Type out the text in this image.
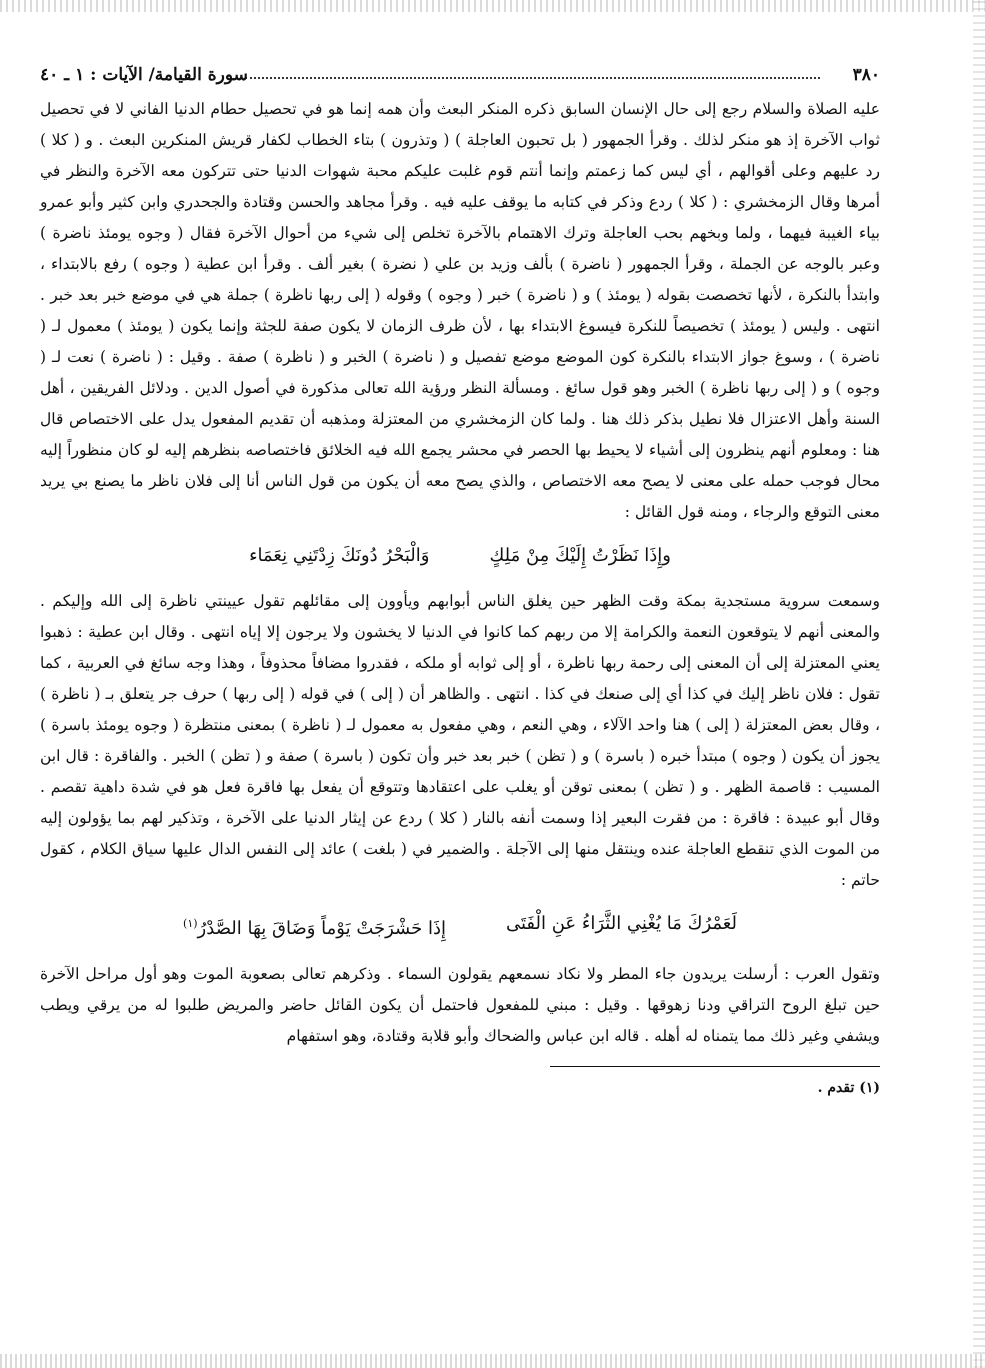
٣٨٠
سورة القيامة/ الآيات : ١ ـ ٤٠

عليه الصلاة والسلام رجع إلى حال الإنسان السابق ذكره المنكر البعث وأن همه إنما هو في تحصيل حطام الدنيا الفاني لا في تحصيل ثواب الآخرة إذ هو منكر لذلك . وقرأ الجمهور ( بل تحبون العاجلة ) ( وتذرون ) بتاء الخطاب لكفار قريش المنكرين البعث . و ( كلا ) رد عليهم وعلى أقوالهم ، أي ليس كما زعمتم وإنما أنتم قوم غلبت عليكم محبة شهوات الدنيا حتى تتركون معه الآخرة والنظر في أمرها وقال الزمخشري : ( كلا ) ردع وذكر في كتابه ما يوقف عليه فيه . وقرأ مجاهد والحسن وقتادة والجحدري وابن كثير وأبو عمرو بياء الغيبة فيهما ، ولما وبخهم بحب العاجلة وترك الاهتمام بالآخرة تخلص إلى شيء من أحوال الآخرة فقال ( وجوه يومئذ ناضرة ) وعبر بالوجه عن الجملة ، وقرأ الجمهور ( ناضرة ) بألف وزيد بن علي ( نضرة ) بغير ألف . وقرأ ابن عطية ( وجوه ) رفع بالابتداء ، وابتدأ بالنكرة ، لأنها تخصصت بقوله ( يومئذ ) و ( ناضرة ) خبر ( وجوه ) وقوله ( إلى ربها ناظرة ) جملة هي في موضع خبر بعد خبر . انتهى . وليس ( يومئذ ) تخصيصاً للنكرة فيسوغ الابتداء بها ، لأن ظرف الزمان لا يكون صفة للجثة وإنما يكون ( يومئذ ) معمول لـ ( ناضرة ) ، وسوغ جواز الابتداء بالنكرة كون الموضع موضع تفصيل و ( ناضرة ) الخبر و ( ناظرة ) صفة . وقيل : ( ناضرة ) نعت لـ ( وجوه ) و ( إلى ربها ناظرة ) الخبر وهو قول سائغ . ومسألة النظر ورؤية الله تعالى مذكورة في أصول الدين . ودلائل الفريقين ، أهل السنة وأهل الاعتزال فلا نطيل بذكر ذلك هنا . ولما كان الزمخشري من المعتزلة ومذهبه أن تقديم المفعول يدل على الاختصاص قال هنا : ومعلوم أنهم ينظرون إلى أشياء لا يحيط بها الحصر في محشر يجمع الله فيه الخلائق فاختصاصه بنظرهم إليه لو كان منظوراً إليه محال فوجب حمله على معنى لا يصح معه الاختصاص ، والذي يصح معه أن يكون من قول الناس أنا إلى فلان ناظر ما يصنع بي يريد معنى التوقع والرجاء ، ومنه قول القائل :

وإِذَا نَظَرْتُ إِلَيْكَ مِنْ مَلِكٍ
وَالْبَحْرُ دُونَكَ زِدْتَنِي نِعَمَاء

وسمعت سروية مستجدية بمكة وقت الظهر حين يغلق الناس أبوابهم ويأوون إلى مقائلهم تقول عيينتي ناظرة إلى الله وإليكم . والمعنى أنهم لا يتوقعون النعمة والكرامة إلا من ربهم كما كانوا في الدنيا لا يخشون ولا يرجون إلا إياه انتهى . وقال ابن عطية : ذهبوا يعني المعتزلة إلى أن المعنى إلى رحمة ربها ناظرة ، أو إلى ثوابه أو ملكه ، فقدروا مضافاً محذوفاً ، وهذا وجه سائغ في العربية ، كما تقول : فلان ناظر إليك في كذا أي إلى صنعك في كذا . انتهى . والظاهر أن ( إلى ) في قوله ( إلى ربها ) حرف جر يتعلق بـ ( ناظرة ) ، وقال بعض المعتزلة ( إلى ) هنا واحد الآلاء ، وهي النعم ، وهي مفعول به معمول لـ ( ناظرة ) بمعنى منتظرة ( وجوه يومئذ باسرة ) يجوز أن يكون ( وجوه ) مبتدأ خبره ( باسرة ) و ( تظن ) خبر بعد خبر وأن تكون ( باسرة ) صفة و ( تظن ) الخبر . والفاقرة : قال ابن المسيب : قاصمة الظهر . و ( تظن ) بمعنى توقن أو يغلب على اعتقادها وتتوقع أن يفعل بها فاقرة فعل هو في شدة داهية تقصم . وقال أبو عبيدة : فاقرة : من فقرت البعير إذا وسمت أنفه بالنار ( كلا ) ردع عن إيثار الدنيا على الآخرة ، وتذكير لهم بما يؤولون إليه من الموت الذي تنقطع العاجلة عنده وينتقل منها إلى الآجلة . والضمير في ( بلغت ) عائد إلى النفس الدال عليها سياق الكلام ، كقول حاتم :

لَعَمْرُكَ مَا يُغْنِي الثَّرَاءُ عَنِ الْفَتَى
إِذَا حَشْرَجَتْ يَوْماً وَضَاقَ بِهَا الصَّدْرُ$^{(١)}$

وتقول العرب : أرسلت يريدون جاء المطر ولا نكاد نسمعهم يقولون السماء . وذكرهم تعالى بصعوبة الموت وهو أول مراحل الآخرة حين تبلغ الروح التراقي ودنا زهوقها . وقيل : مبني للمفعول فاحتمل أن يكون القائل حاضر والمريض طلبوا له من يرقي ويطب ويشفي وغير ذلك مما يتمناه له أهله . قاله ابن عباس والضحاك وأبو قلابة وقتادة، وهو استفهام

(١) تقدم .
